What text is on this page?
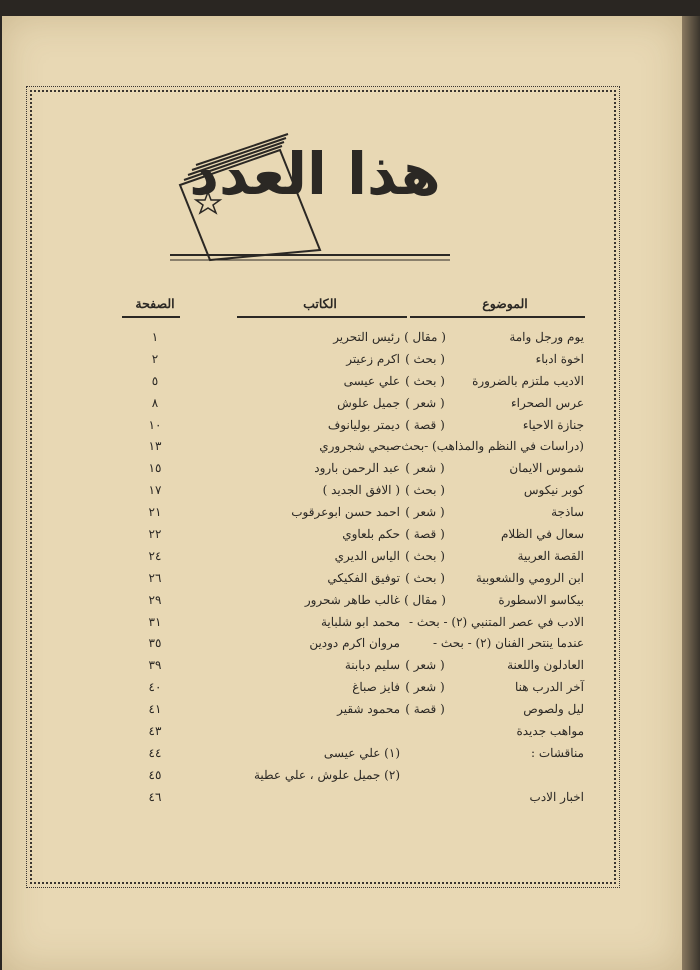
هذا العدد
الموضوع
الكاتب
الصفحة
يوم ورجل وامة
( مقال )
رئيس التحرير
١
اخوة ادباء
( بحث )
اكرم زعيتر
٢
الاديب ملتزم بالضرورة
( بحث )
علي عيسى
٥
عرس الصحراء
( شعر )
جميل علوش
٨
جنازة الاحياء
( قصة )
ديمتر بوليانوف
١٠
(دراسات في النظم والمذاهب) -بحث-
صبحي شجروري
١٣
شموس الايمان
( شعر )
عبد الرحمن بارود
١٥
كوبر نيكوس
( بحث )
( الافق الجديد )
١٧
ساذجة
( شعر )
احمد حسن ابوعرقوب
٢١
سعال في الظلام
( قصة )
حكم بلعاوي
٢٢
القصة العربية
( بحث )
الياس الديري
٢٤
ابن الرومي والشعوبية
( بحث )
توفيق الفكيكي
٢٦
بيكاسو الاسطورة
( مقال )
غالب طاهر شحرور
٢٩
الادب في عصر المتنبي (٢) - بحث -
محمد ابو شلباية
٣١
عندما ينتحر الفنان (٢) - بحث -
مروان اكرم دودين
٣٥
العادلون واللعنة
( شعر )
سليم دبابنة
٣٩
آخر الدرب هنا
( شعر )
فايز صباغ
٤٠
ليل ولصوص
( قصة )
محمود شقير
٤١
مواهب جديدة
٤٣
مناقشات :
(١) علي عيسى
٤٤
(٢) جميل علوش ، علي عطية
٤٥
اخبار الادب
٤٦
